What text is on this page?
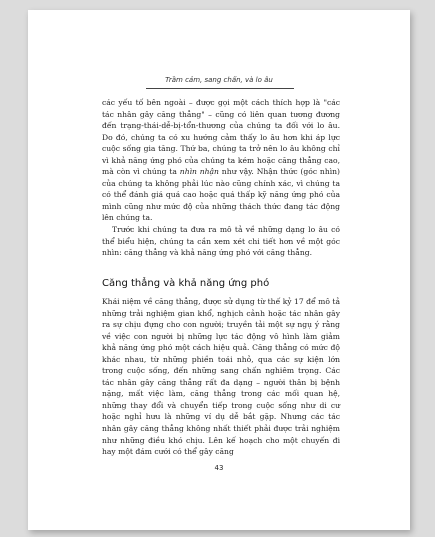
Trầm cảm, sang chấn, và lo âu

các yếu tố bên ngoài – được gọi một cách thích hợp là "các tác nhân gây căng thẳng" – cũng có liên quan tương đương đến trạng-thái-dễ-bị-tổn-thương của chúng ta đối với lo âu. Do đó, chúng ta có xu hướng cảm thấy lo âu hơn khi áp lực cuộc sống gia tăng. Thứ ba, chúng ta trở nên lo âu không chỉ vì khả năng ứng phó của chúng ta kém hoặc căng thẳng cao, mà còn vì chúng ta nhìn nhận như vậy. Nhận thức (góc nhìn) của chúng ta không phải lúc nào cũng chính xác, vì chúng ta có thể đánh giá quá cao hoặc quá thấp kỹ năng ứng phó của mình cũng như mức độ của những thách thức đang tác động lên chúng ta.

Trước khi chúng ta đưa ra mô tả về những dạng lo âu có thể biểu hiện, chúng ta cần xem xét chi tiết hơn về một góc nhìn: căng thẳng và khả năng ứng phó với căng thẳng.

Căng thẳng và khả năng ứng phó

Khái niệm về căng thẳng, được sử dụng từ thế kỷ 17 để mô tả những trải nghiệm gian khổ, nghịch cảnh hoặc tác nhân gây ra sự chịu đựng cho con người; truyền tải một sự ngụ ý rằng về việc con người bị những lực tác động vô hình làm giảm khả năng ứng phó một cách hiệu quả. Căng thẳng có mức độ khác nhau, từ những phiền toái nhỏ, qua các sự kiện lớn trong cuộc sống, đến những sang chấn nghiêm trọng. Các tác nhân gây căng thẳng rất đa dạng – người thân bị bệnh nặng, mất việc làm, căng thẳng trong các mối quan hệ, những thay đổi và chuyển tiếp trong cuộc sống như di cư hoặc nghỉ hưu là những ví dụ dễ bắt gặp. Nhưng các tác nhân gây căng thẳng không nhất thiết phải được trải nghiệm như những điều khó chịu. Lên kế hoạch cho một chuyến đi hay một đám cưới có thể gây căng

43
